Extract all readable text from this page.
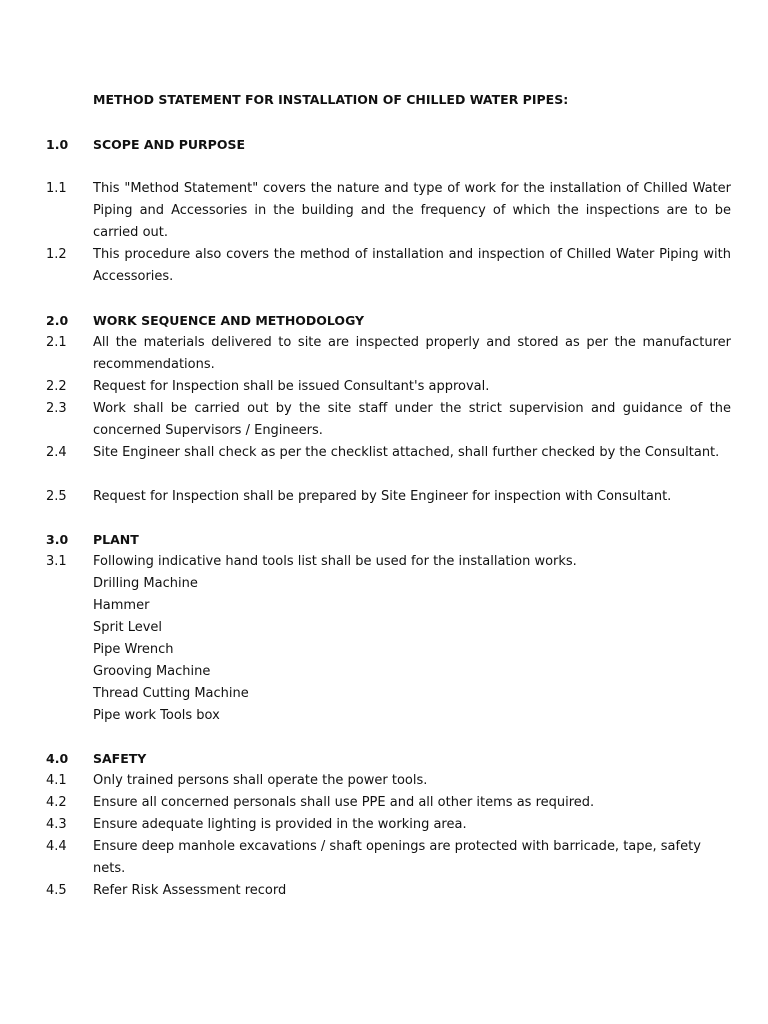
METHOD STATEMENT FOR INSTALLATION OF CHILLED WATER PIPES:
1.0	SCOPE AND PURPOSE
1.1	This "Method Statement" covers the nature and type of work for the installation of Chilled Water Piping and Accessories in the building and the frequency of which the inspections are to be carried out.
1.2	This procedure also covers the method of installation and inspection of Chilled Water Piping with Accessories.
2.0	WORK SEQUENCE AND METHODOLOGY
2.1	All the materials delivered to site are inspected properly and stored as per the manufacturer recommendations.
2.2	Request for Inspection shall be issued Consultant's approval.
2.3	Work shall be carried out by the site staff under the strict supervision and guidance of the concerned Supervisors / Engineers.
2.4	Site Engineer shall check as per the checklist attached, shall further checked by the Consultant.
2.5	Request for Inspection shall be prepared by Site Engineer for inspection with Consultant.
3.0	PLANT
3.1	Following indicative hand tools list shall be used for the installation works.
Drilling Machine
Hammer
Sprit Level
Pipe Wrench
Grooving Machine
Thread Cutting Machine
Pipe work Tools box
4.0	SAFETY
4.1	Only trained persons shall operate the power tools.
4.2	Ensure all concerned personals shall use PPE and all other items as required.
4.3	Ensure adequate lighting is provided in the working area.
4.4	Ensure deep manhole excavations / shaft openings are protected with barricade, tape, safety nets.
4.5	Refer Risk Assessment record
